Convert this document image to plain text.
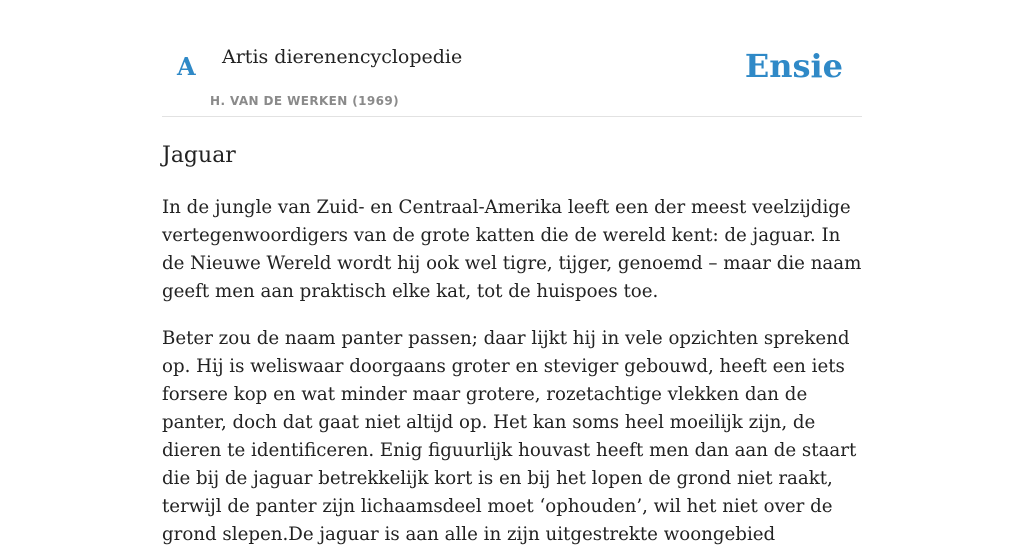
A Artis dierenencyclopedie
H. VAN DE WERKEN (1969)
Ensie
Jaguar

In de jungle van Zuid- en Centraal-Amerika leeft een der meest veelzijdige vertegenwoordigers van de grote katten die de wereld kent: de jaguar. In de Nieuwe Wereld wordt hij ook wel tigre, tijger, genoemd – maar die naam geeft men aan praktisch elke kat, tot de huispoes toe.

Beter zou de naam panter passen; daar lijkt hij in vele opzichten sprekend op. Hij is weliswaar doorgaans groter en steviger gebouwd, heeft een iets forsere kop en wat minder maar grotere, rozetachtige vlekken dan de panter, doch dat gaat niet altijd op. Het kan soms heel moeilijk zijn, de dieren te identificeren. Enig figuurlijk houvast heeft men dan aan de staart die bij de jaguar betrekkelijk kort is en bij het lopen de grond niet raakt, terwijl de panter zijn lichaamsdeel moet ‘ophouden’, wil het niet over de grond slepen.De jaguar is aan alle in zijn uitgestrekte woongebied
